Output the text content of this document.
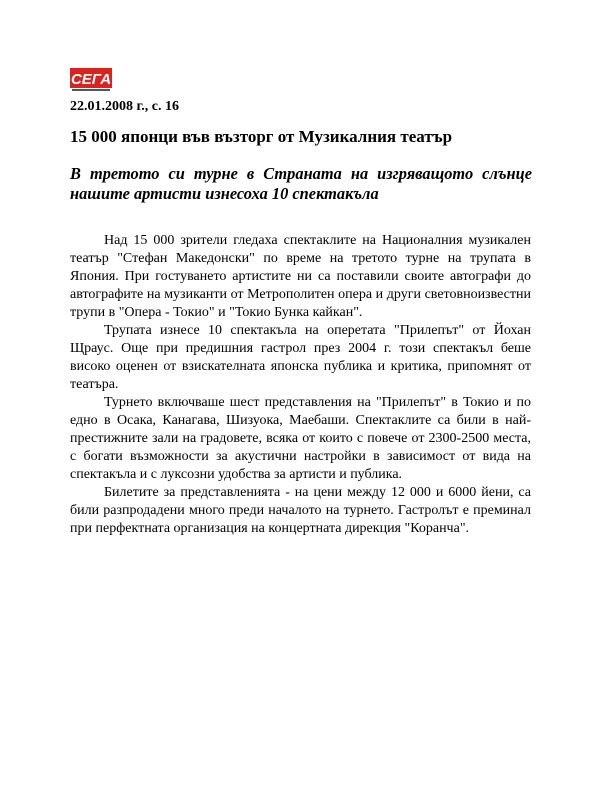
СЕГА
22.01.2008 г., с. 16
15 000 японци във възторг от Музикалния театър
В третото си турне в Страната на изгряващото слънце нашите артисти изнесоха 10 спектакъла

Над 15 000 зрители гледаха спектаклите на Националния музикален театър "Стефан Македонски" по време на третото турне на трупата в Япония. При гостуването артистите ни са поставили своите автографи до автографите на музиканти от Метрополитен опера и други световноизвестни трупи в "Опера - Токио" и "Токио Бунка кайкан".

Трупата изнесе 10 спектакъла на оперетата "Прилепът" от Йохан Щраус. Още при предишния гастрол през 2004 г. този спектакъл беше високо оценен от взискателната японска публика и критика, припомнят от театъра.

Турнето включваше шест представления на "Прилепът" в Токио и по едно в Осака, Канагава, Шизуока, Маебаши. Спектаклите са били в най-престижните зали на градовете, всяка от които с повече от 2300-2500 места, с богати възможности за акустични настройки в зависимост от вида на спектакъла и с луксозни удобства за артисти и публика.

Билетите за представленията - на цени между 12 000 и 6000 йени, са били разпродадени много преди началото на турнето. Гастролът е преминал при перфектната организация на концертната дирекция "Коранча".
